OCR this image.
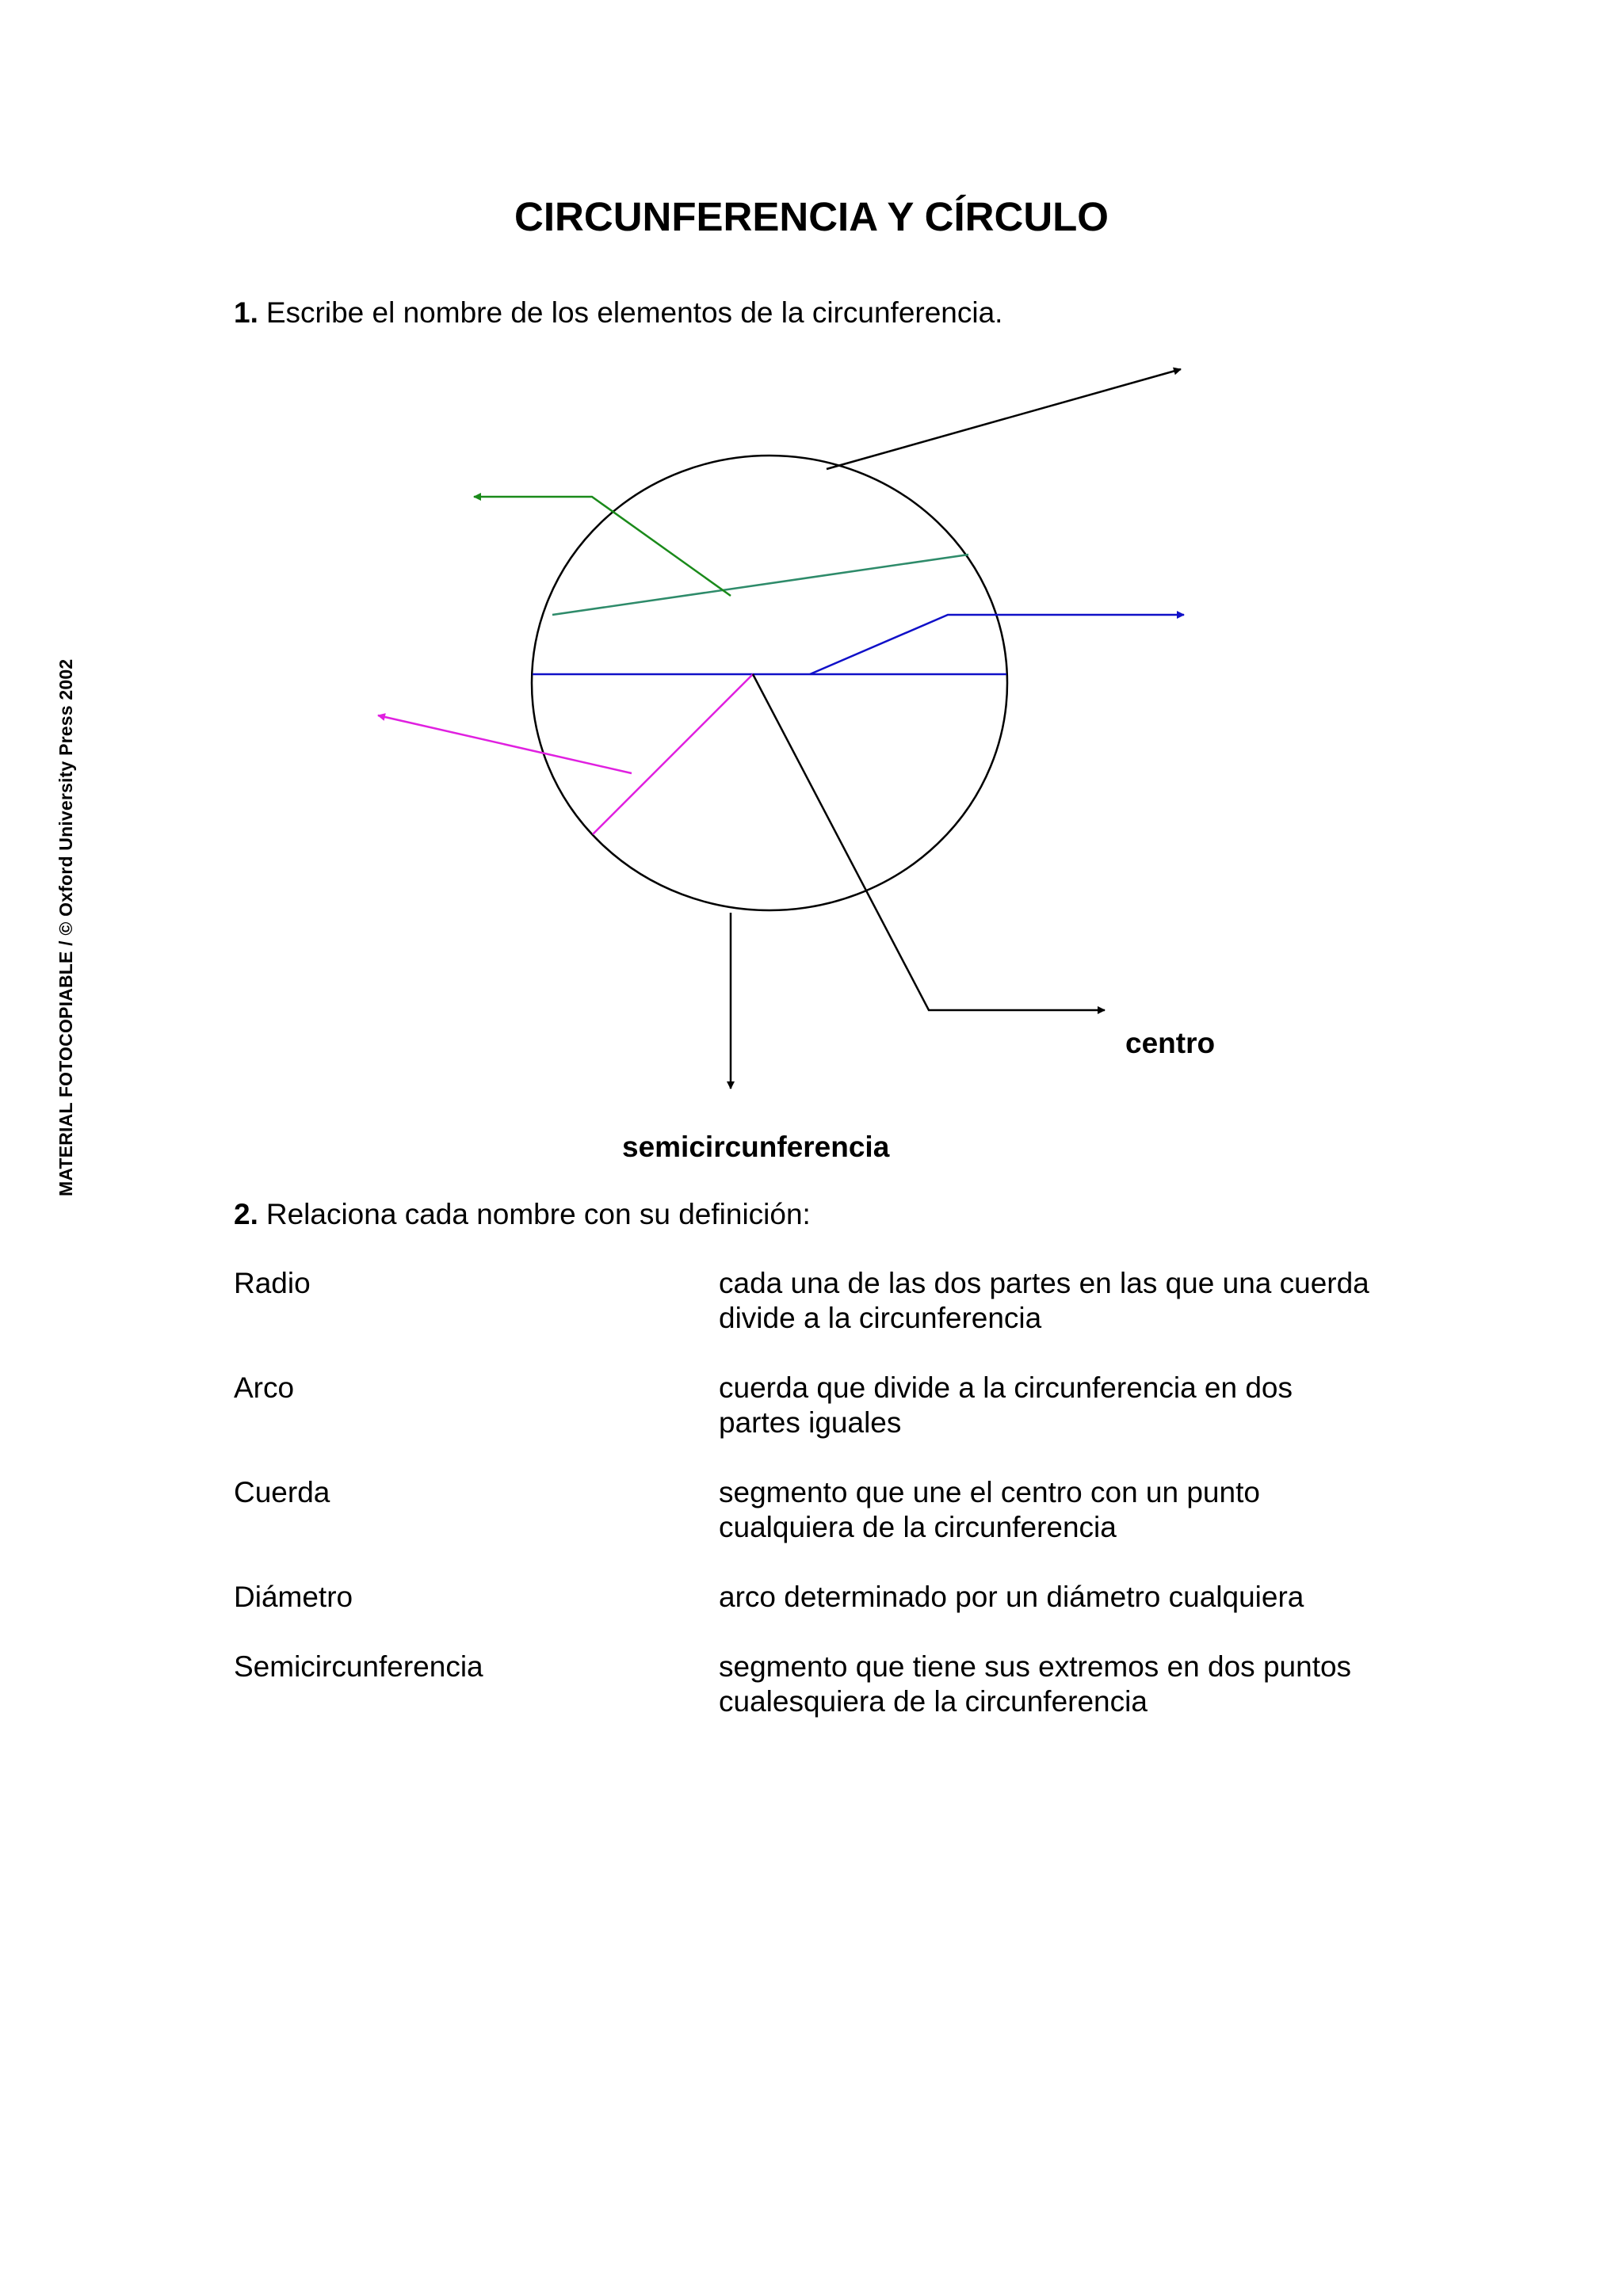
MATERIAL FOTOCOPIABLE / © Oxford University Press 2002
CIRCUNFERENCIA Y CÍRCULO
1. Escribe el nombre de los elementos de la circunferencia.
centro
semicircunferencia
2. Relaciona cada nombre con su definición:
Radio	cada una de las dos partes en las que una cuerda
divide a la circunferencia
Arco	cuerda que divide a la circunferencia en dos
partes iguales
Cuerda	segmento que une el centro con un punto
cualquiera de la circunferencia
Diámetro	arco determinado por un diámetro cualquiera
Semicircunferencia	segmento que tiene sus extremos en dos puntos
cualesquiera de la circunferencia
